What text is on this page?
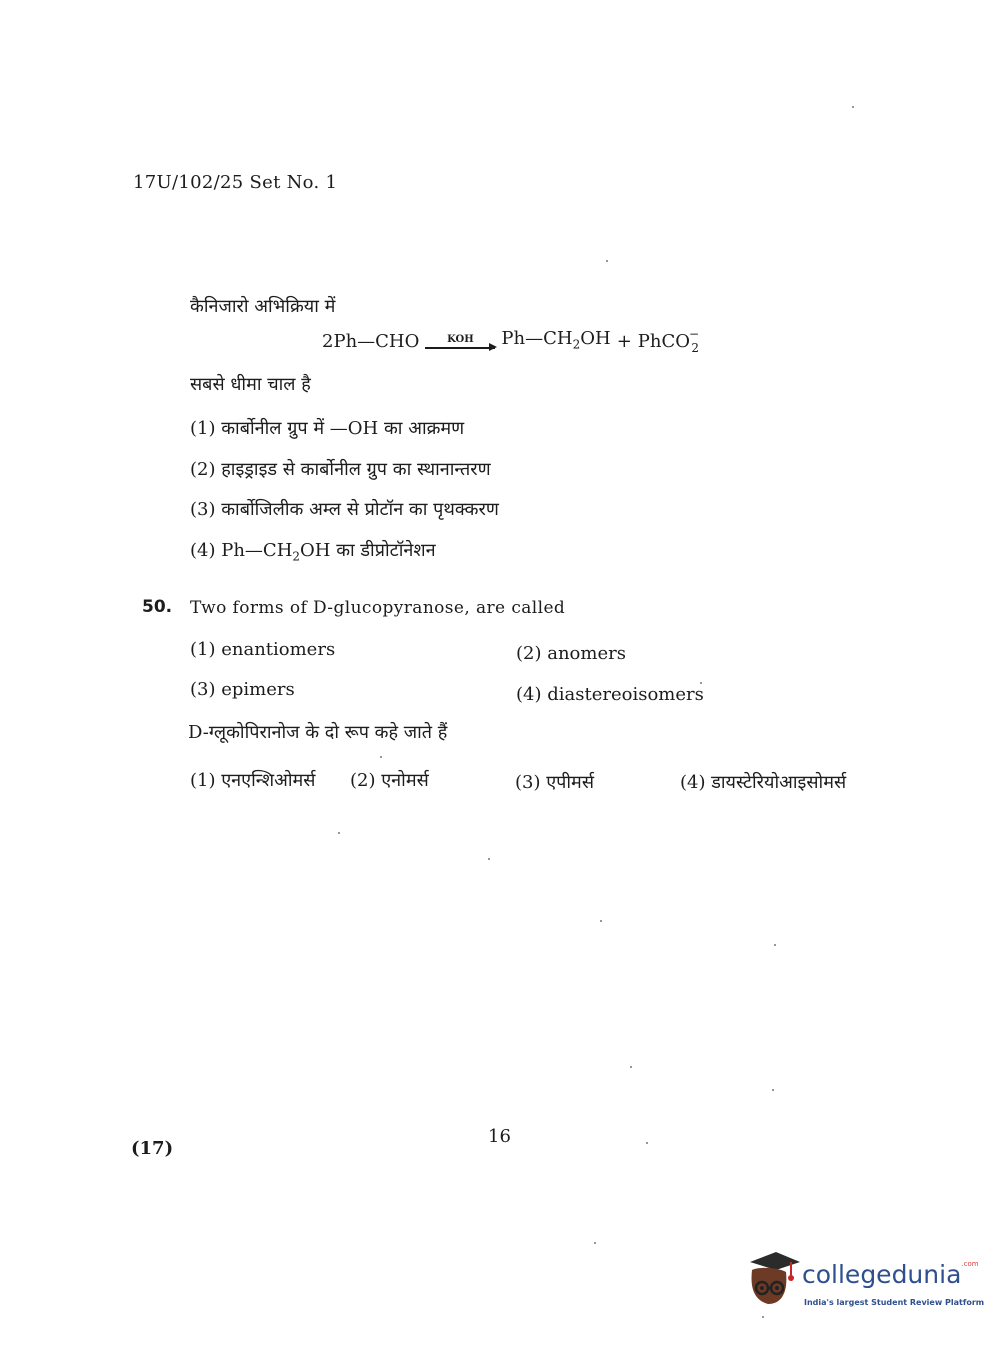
17U/102/25 Set No. 1
कैनिजारो अभिक्रिया में
2Ph—CHO	KOH $Ph—CH_2OH$ + PhCO
−
2
सबसे धीमा चाल है
(1) कार्बोनील ग्रुप में —OH का आक्रमण
(2) हाइड्राइड से कार्बोनील ग्रुप का स्थानान्तरण
(3) कार्बोजिलीक अम्ल से प्रोटॉन का पृथक्करण
(4) $Ph—CH_2OH$ का डीप्रोटॉनेशन
50. Two forms of D-glucopyranose, are called
(1) enantiomers	(2) anomers
(3) epimers	(4) diastereoisomers
D-ग्लूकोपिरानोज के दो रूप कहे जाते हैं
(1) एनएन्शिओमर्स (2) एनोमर्स	(3) एपीमर्स	(4) डायस्टेरियोआइसोमर्स
(17)
16
collegedunia$^{.com}$
India's largest Student Review Platform
